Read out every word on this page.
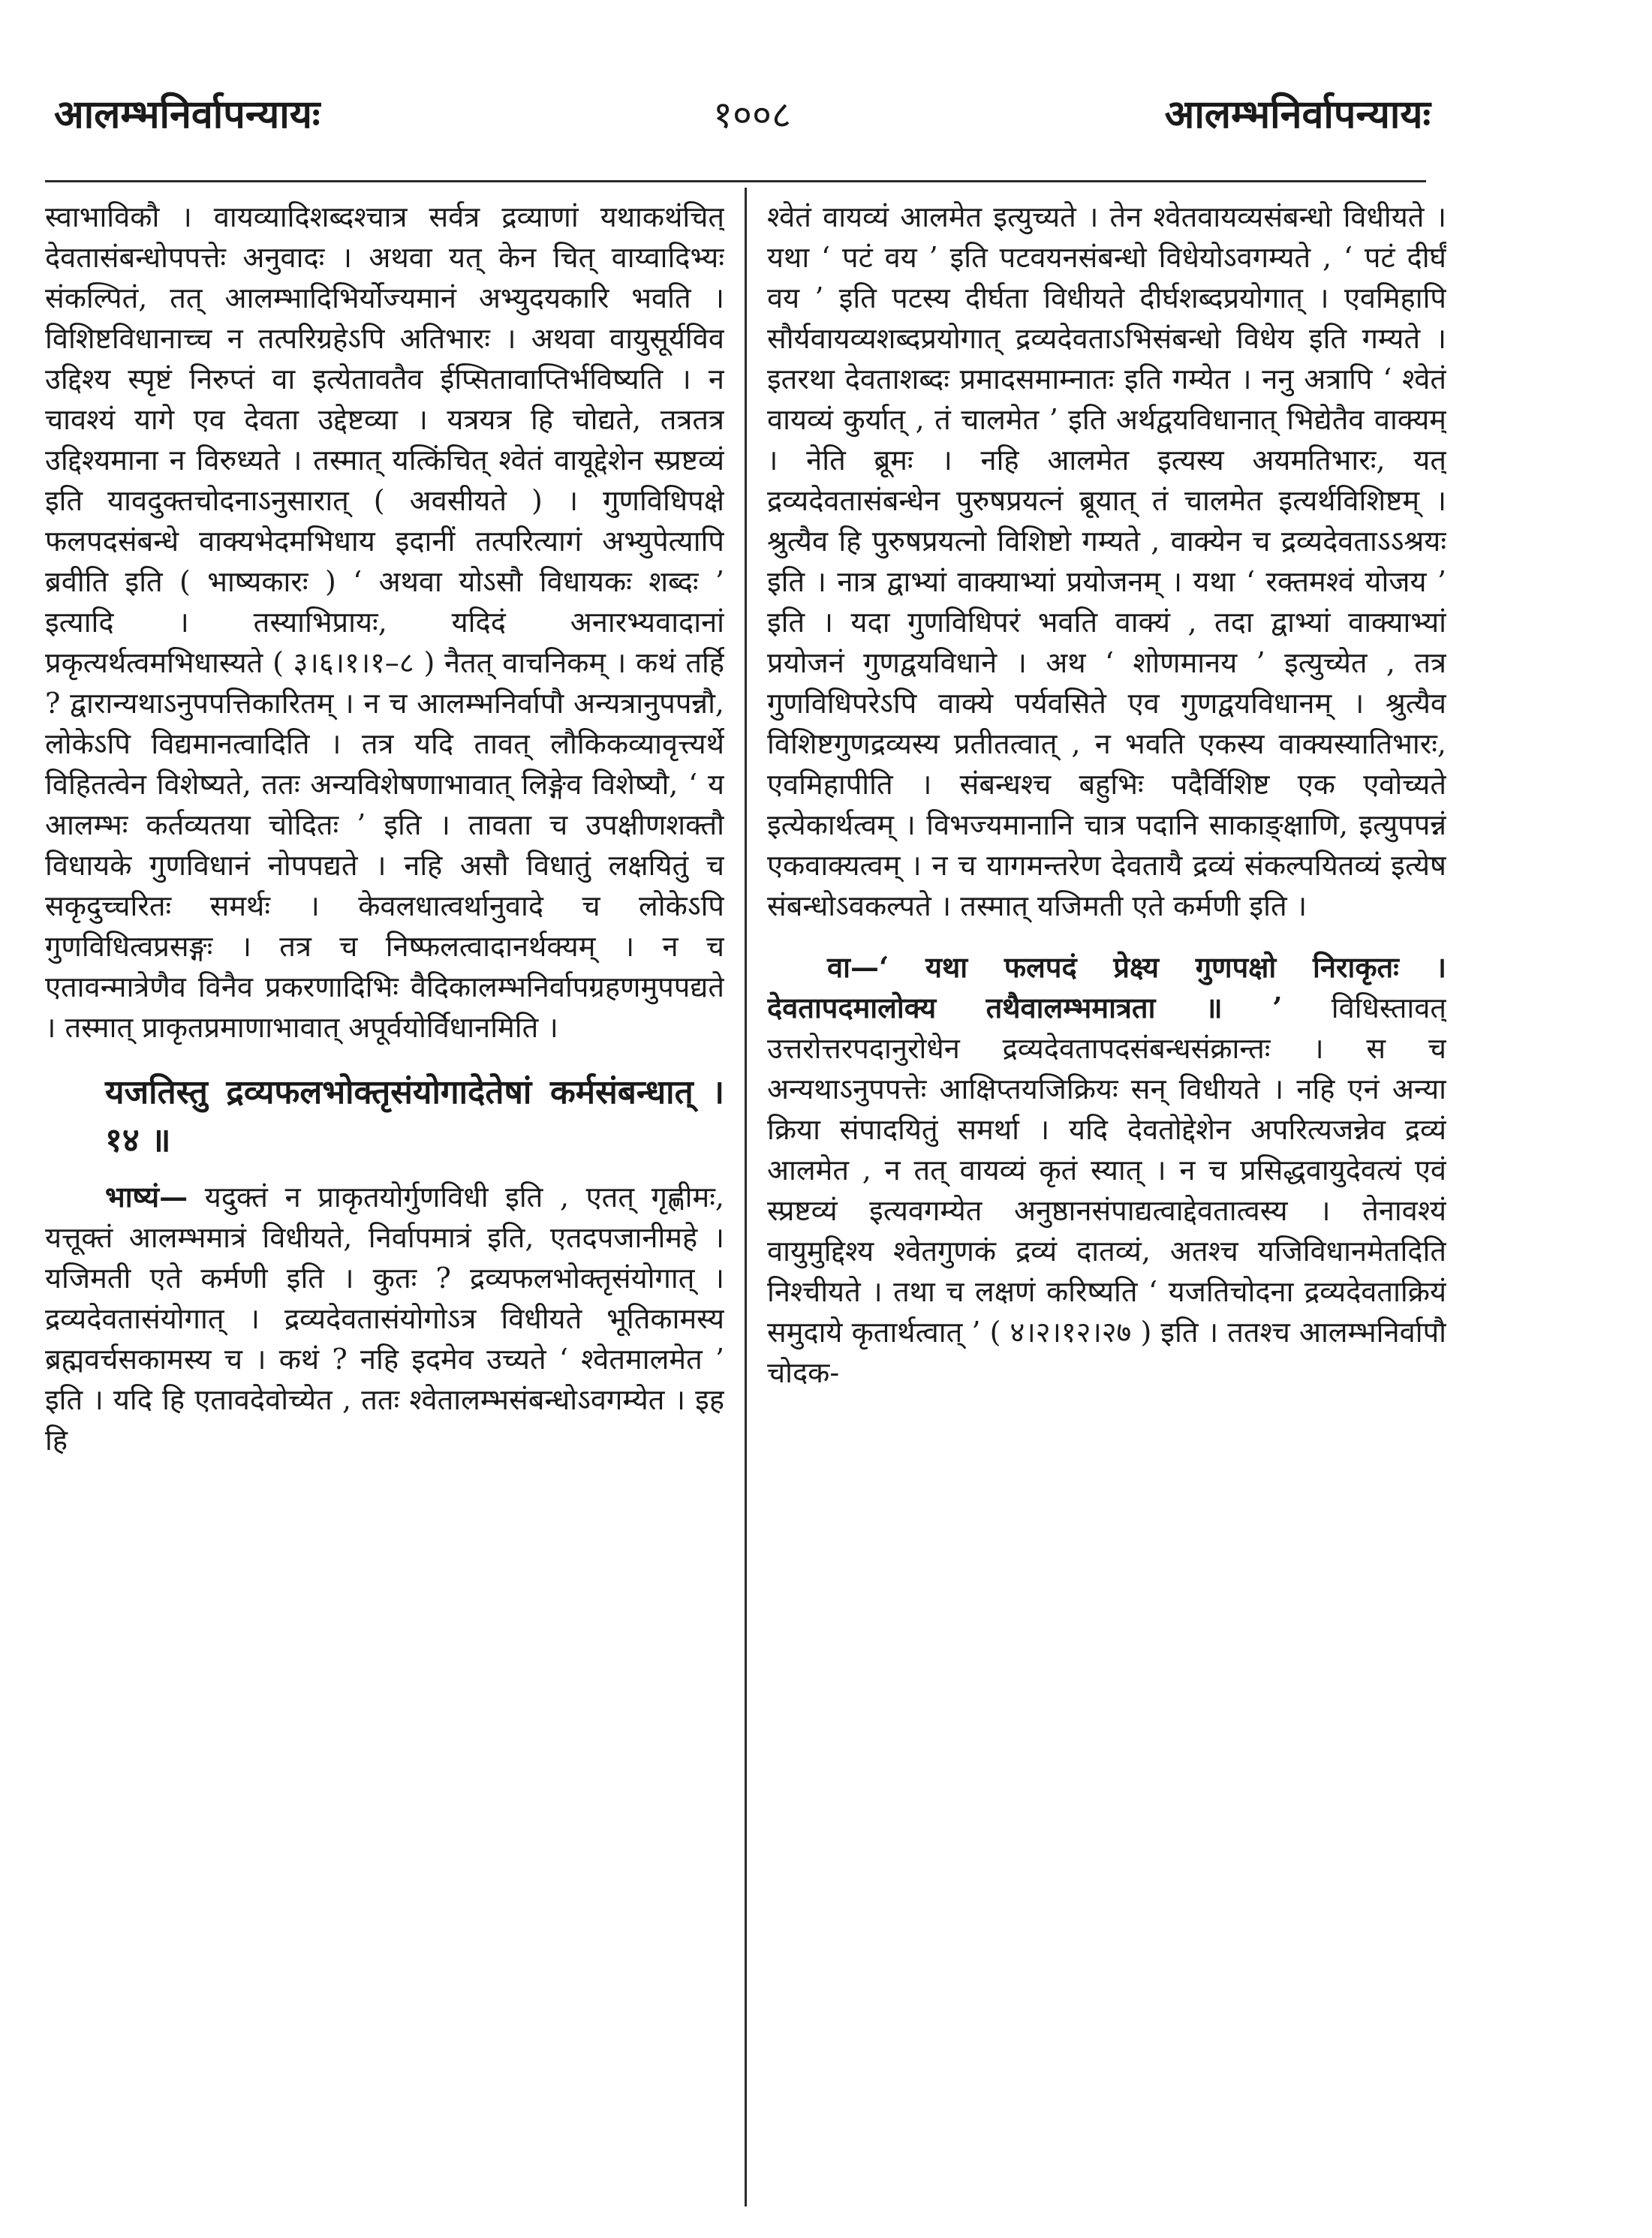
आलम्भनिर्वापन्यायः	१००८	आलम्भनिर्वापन्यायः

स्वाभाविकौ । वायव्यादिशब्दश्चात्र सर्वत्र द्रव्याणां यथाकथंचित् देवतासंबन्धोपपत्तेः अनुवादः । अथवा यत् केन चित् वाय्वादिभ्यः संकल्पितं, तत् आलम्भादिभिर्योज्यमानं अभ्युदयकारि भवति । विशिष्टविधानाच्च न तत्परिग्रहेऽपि अतिभारः । अथवा वायुसूर्यविव उद्दिश्य स्पृष्टं निरुप्तं वा इत्येतावतैव ईप्सितावाप्तिर्भविष्यति । न चावश्यं यागे एव देवता उद्देष्टव्या । यत्रयत्र हि चोद्यते, तत्रतत्र उद्दिश्यमाना न विरुध्यते । तस्मात् यत्किंचित् श्वेतं वायूद्देशेन स्प्रष्टव्यं इति यावदुक्तचोदनाऽनुसारात् ( अवसीयते ) । गुणविधिपक्षे फलपदसंबन्धे वाक्यभेदमभिधाय इदानीं तत्परित्यागं अभ्युपेत्यापि ब्रवीति इति ( भाष्यकारः ) ‘ अथवा योऽसौ विधायकः शब्दः ’ इत्यादि । तस्याभिप्रायः, यदिदं अनारभ्यवादानां प्रकृत्यर्थत्वमभिधास्यते ( ३।६।१।१–८ ) नैतत् वाचनिकम् । कथं तर्हि ? द्वारान्यथाऽनुपपत्तिकारितम् । न च आलम्भनिर्वापौ अन्यत्रानुपपन्नौ, लोकेऽपि विद्यमानत्वादिति । तत्र यदि तावत् लौकिकव्यावृत्त्यर्थे विहितत्वेन विशेष्यते, ततः अन्यविशेषणाभावात् लिङ्गेव विशेष्यौ, ‘ य आलम्भः कर्तव्यतया चोदितः ’ इति । तावता च उपक्षीणशक्तौ विधायके गुणविधानं नोपपद्यते । नहि असौ विधातुं लक्षयितुं च सकृदुच्चरितः समर्थः । केवलधात्वर्थानुवादे च लोकेऽपि गुणविधित्वप्रसङ्गः । तत्र च निष्फलत्वादानर्थक्यम् । न च एतावन्मात्रेणैव विनैव प्रकरणादिभिः वैदिकालम्भनिर्वापग्रहणमुपपद्यते । तस्मात् प्राकृतप्रमाणाभावात् अपूर्वयोर्विधानमिति ।

यजतिस्तु द्रव्यफलभोक्तृसंयोगादेतेषां कर्मसंबन्धात् । १४ ॥

भाष्यं— यदुक्तं न प्राकृतयोर्गुणविधी इति , एतत् गृह्णीमः, यत्तूक्तं आलम्भमात्रं विधीयते, निर्वापमात्रं इति, एतदपजानीमहे । यजिमती एते कर्मणी इति । कुतः ? द्रव्यफलभोक्तृसंयोगात् । द्रव्यदेवतासंयोगात् । द्रव्यदेवतासंयोगोऽत्र विधीयते भूतिकामस्य ब्रह्मवर्चसकामस्य च । कथं ? नहि इदमेव उच्यते ‘ श्वेतमालमेत ’ इति । यदि हि एतावदेवोच्येत , ततः श्वेतालम्भसंबन्धोऽवगम्येत । इह हि

श्वेतं वायव्यं आलमेत इत्युच्यते । तेन श्वेतवायव्यसंबन्धो विधीयते । यथा ‘ पटं वय ’ इति पटवयनसंबन्धो विधेयोऽवगम्यते , ‘ पटं दीर्घं वय ’ इति पटस्य दीर्घता विधीयते दीर्घशब्दप्रयोगात् । एवमिहापि सौर्यवायव्यशब्दप्रयोगात् द्रव्यदेवताऽभिसंबन्धो विधेय इति गम्यते । इतरथा देवताशब्दः प्रमादसमाम्नातः इति गम्येत । ननु अत्रापि ‘ श्वेतं वायव्यं कुर्यात् , तं चालमेत ’ इति अर्थद्वयविधानात् भिद्येतैव वाक्यम् । नेति ब्रूमः । नहि आलमेत इत्यस्य अयमतिभारः, यत् द्रव्यदेवतासंबन्धेन पुरुषप्रयत्नं ब्रूयात् तं चालमेत इत्यर्थविशिष्टम् । श्रुत्यैव हि पुरुषप्रयत्नो विशिष्टो गम्यते , वाक्येन च द्रव्यदेवताऽऽश्रयः इति । नात्र द्वाभ्यां वाक्याभ्यां प्रयोजनम् । यथा ‘ रक्तमश्वं योजय ’ इति । यदा गुणविधिपरं भवति वाक्यं , तदा द्वाभ्यां वाक्याभ्यां प्रयोजनं गुणद्वयविधाने । अथ ‘ शोणमानय ’ इत्युच्येत , तत्र गुणविधिपरेऽपि वाक्ये पर्यवसिते एव गुणद्वयविधानम् । श्रुत्यैव विशिष्टगुणद्रव्यस्य प्रतीतत्वात् , न भवति एकस्य वाक्यस्यातिभारः, एवमिहापीति । संबन्धश्च बहुभिः पदैर्विशिष्ट एक एवोच्यते इत्येकार्थत्वम् । विभज्यमानानि चात्र पदानि साकाङ्क्षाणि, इत्युपपन्नं एकवाक्यत्वम् । न च यागमन्तरेण देवतायै द्रव्यं संकल्पयितव्यं इत्येष संबन्धोऽवकल्पते । तस्मात् यजिमती एते कर्मणी इति ।

वा—‘ यथा फलपदं प्रेक्ष्य गुणपक्षो निराकृतः । देवतापदमालोक्य तथैवालम्भमात्रता ॥ ’ विधिस्तावत् उत्तरोत्तरपदानुरोधेन द्रव्यदेवतापदसंबन्धसंक्रान्तः । स च अन्यथाऽनुपपत्तेः आक्षिप्तयजिक्रियः सन् विधीयते । नहि एनं अन्या क्रिया संपादयितुं समर्था । यदि देवतोद्देशेन अपरित्यजन्नेव द्रव्यं आलमेत , न तत् वायव्यं कृतं स्यात् । न च प्रसिद्धवायुदेवत्यं एवं स्प्रष्टव्यं इत्यवगम्येत अनुष्ठानसंपाद्यत्वाद्देवतात्वस्य । तेनावश्यं वायुमुद्दिश्य श्वेतगुणकं द्रव्यं दातव्यं, अतश्च यजिविधानमेतदिति निश्चीयते । तथा च लक्षणं करिष्यति ‘ यजतिचोदना द्रव्यदेवताक्रियं समुदाये कृतार्थत्वात् ’ ( ४।२।१२।२७ ) इति । ततश्च आलम्भनिर्वापौ चोदक-
